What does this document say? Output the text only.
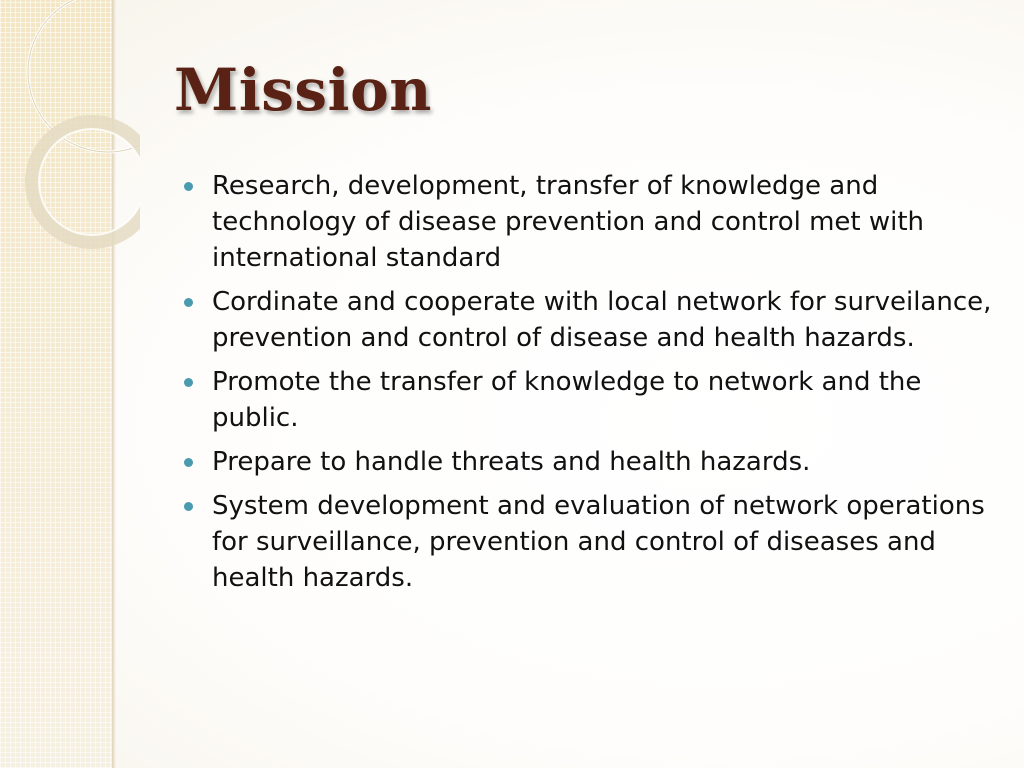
Mission
Research, development, transfer of knowledge and technology of disease prevention and control met with international standard
Cordinate and cooperate with local network for surveilance, prevention and control of disease and health hazards.
Promote the transfer of knowledge to network and the public.
Prepare to handle threats and health hazards.
System development and evaluation of network operations for surveillance, prevention and control of diseases and health hazards.
